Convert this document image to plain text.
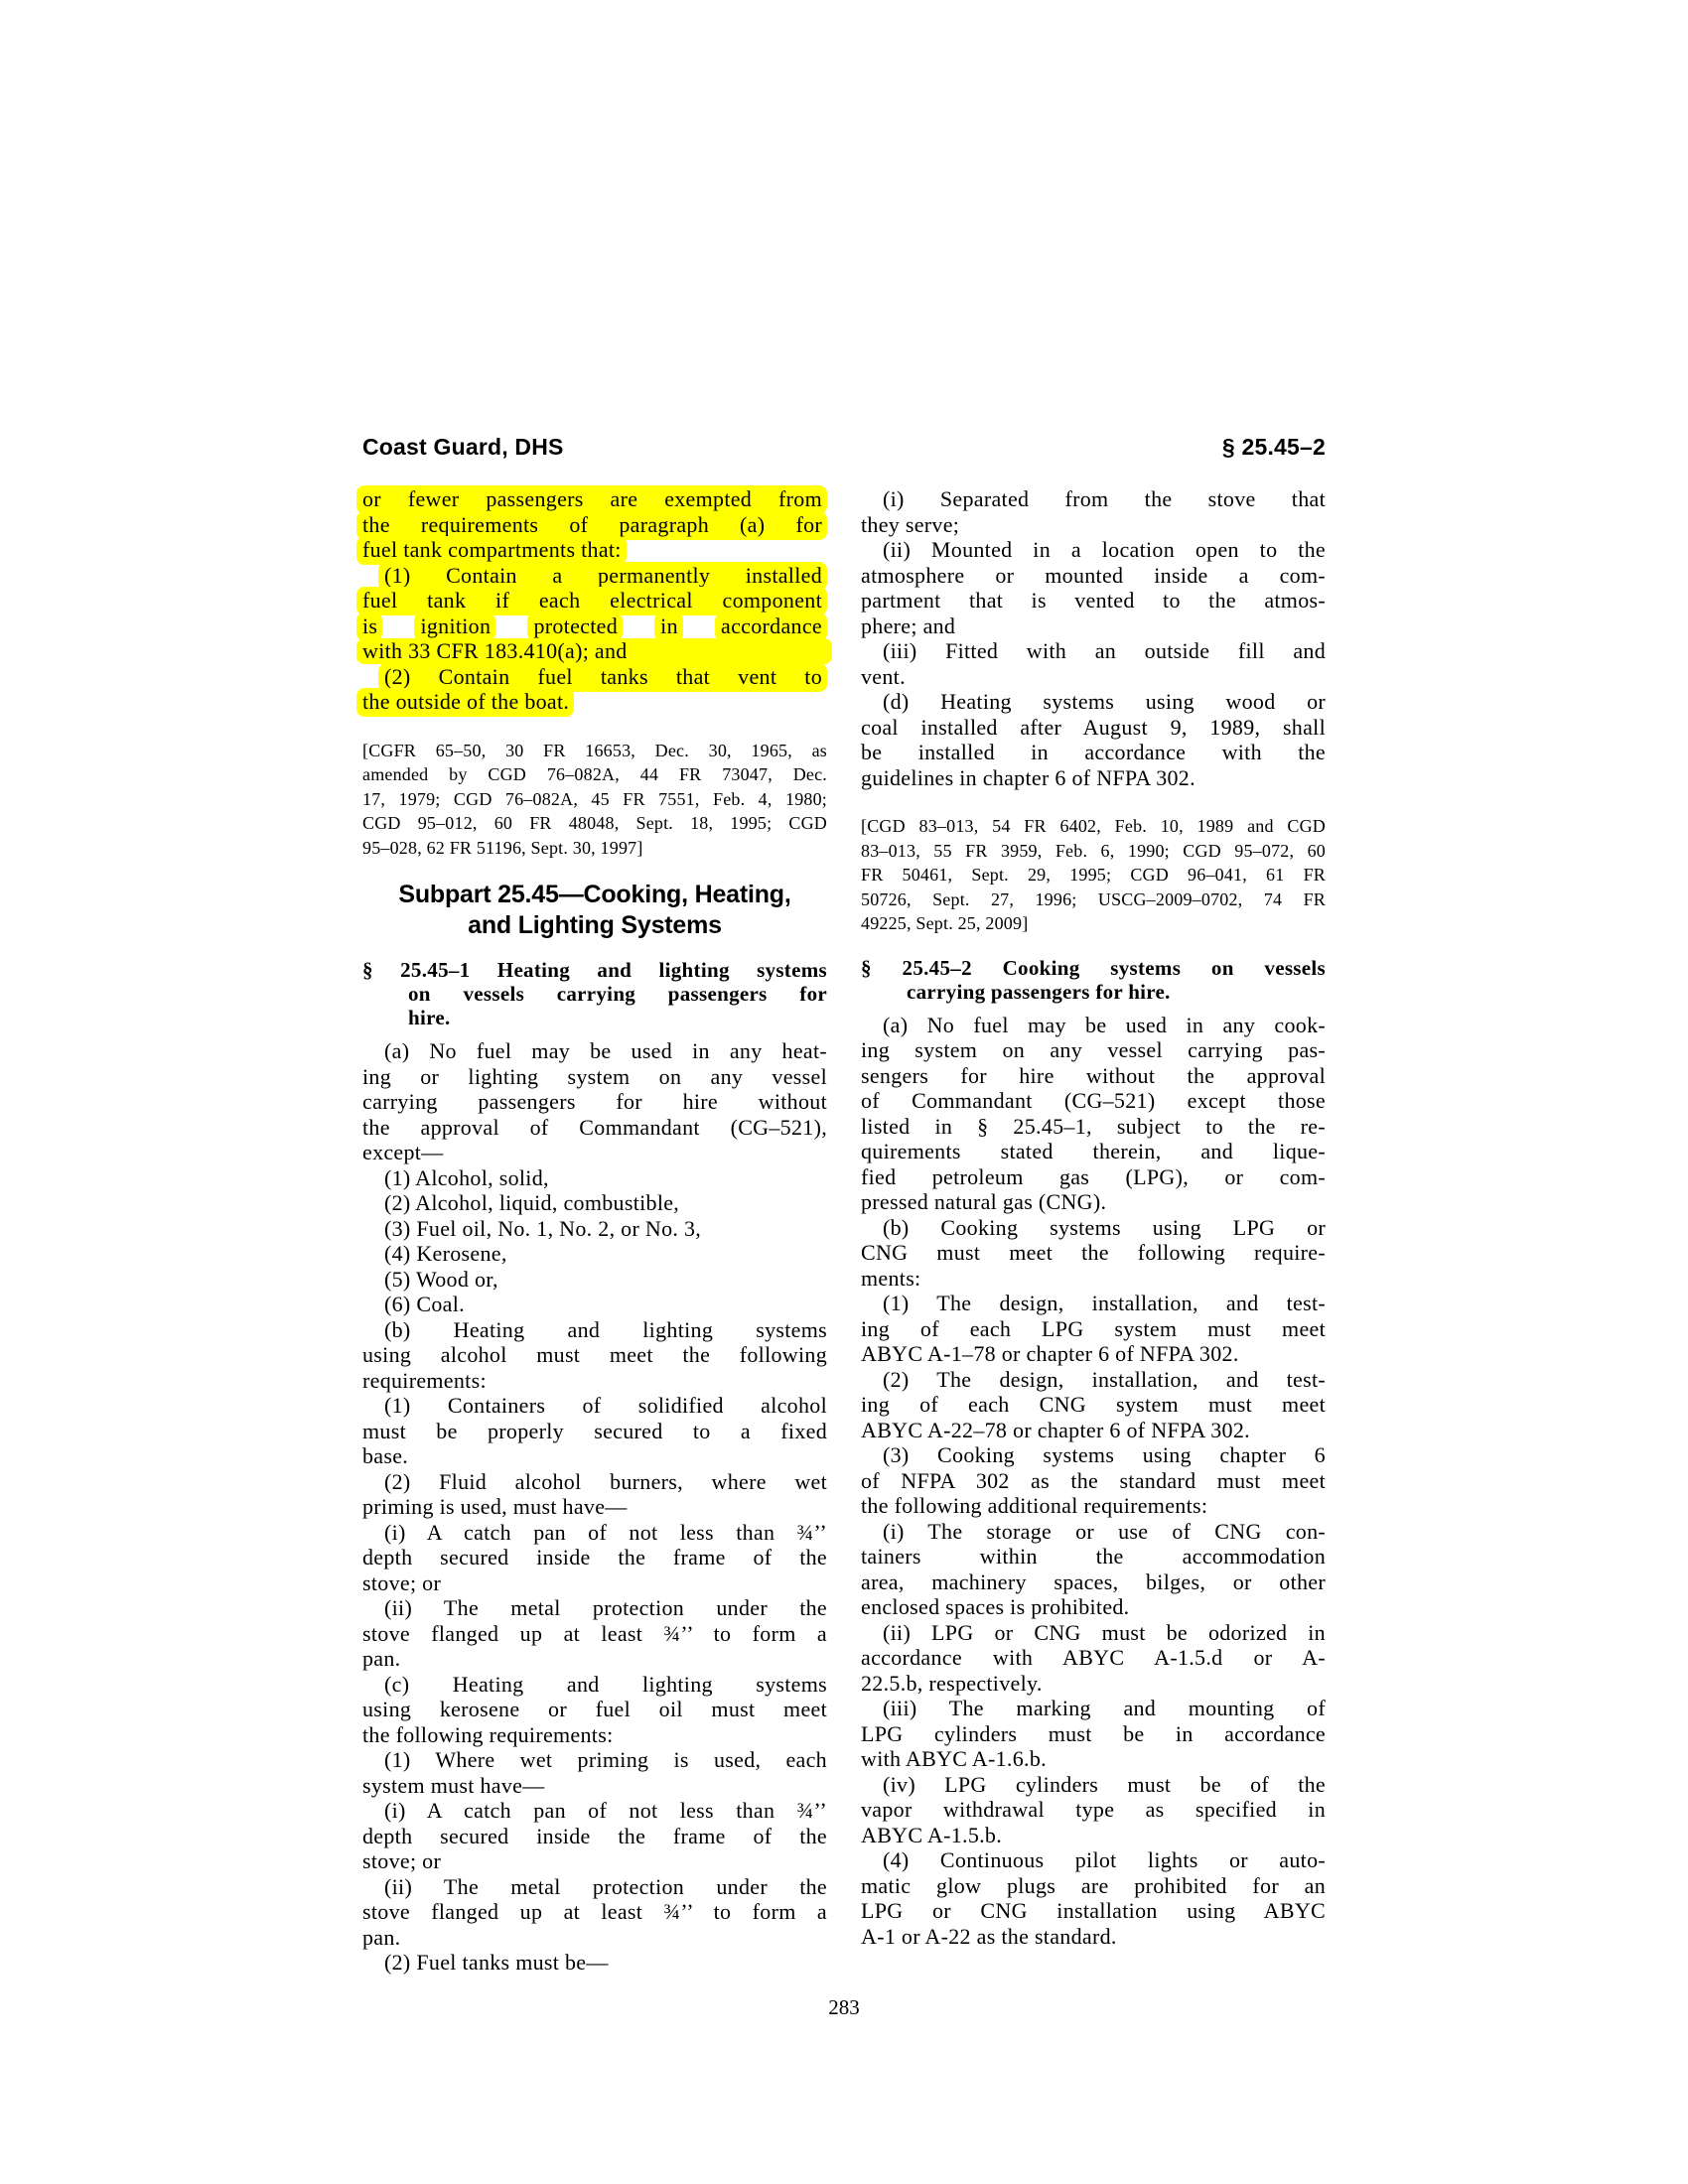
Coast Guard, DHS	§ 25.45–2
or fewer passengers are exempted from
the requirements of paragraph (a) for
fuel tank compartments that:
(1) Contain a permanently installed
fuel tank if each electrical component
is ignition protected in accordance
with 33 CFR 183.410(a); and
(2) Contain fuel tanks that vent to
the outside of the boat.
[CGFR 65–50, 30 FR 16653, Dec. 30, 1965, as
amended by CGD 76–082A, 44 FR 73047, Dec.
17, 1979; CGD 76–082A, 45 FR 7551, Feb. 4, 1980;
CGD 95–012, 60 FR 48048, Sept. 18, 1995; CGD
95–028, 62 FR 51196, Sept. 30, 1997]
Subpart 25.45—Cooking, Heating,
and Lighting Systems
§ 25.45–1 Heating and lighting systems
on vessels carrying passengers for
hire.
(a) No fuel may be used in any heat-
ing or lighting system on any vessel
carrying passengers for hire without
the approval of Commandant (CG–521),
except—
(1) Alcohol, solid,
(2) Alcohol, liquid, combustible,
(3) Fuel oil, No. 1, No. 2, or No. 3,
(4) Kerosene,
(5) Wood or,
(6) Coal.
(b) Heating and lighting systems
using alcohol must meet the following
requirements:
(1) Containers of solidified alcohol
must be properly secured to a fixed
base.
(2) Fluid alcohol burners, where wet
priming is used, must have—
(i) A catch pan of not less than ¾’’
depth secured inside the frame of the
stove; or
(ii) The metal protection under the
stove flanged up at least ¾’’ to form a
pan.
(c) Heating and lighting systems
using kerosene or fuel oil must meet
the following requirements:
(1) Where wet priming is used, each
system must have—
(i) A catch pan of not less than ¾’’
depth secured inside the frame of the
stove; or
(ii) The metal protection under the
stove flanged up at least ¾’’ to form a
pan.
(2) Fuel tanks must be—
(i) Separated from the stove that
they serve;
(ii) Mounted in a location open to the
atmosphere or mounted inside a com-
partment that is vented to the atmos-
phere; and
(iii) Fitted with an outside fill and
vent.
(d) Heating systems using wood or
coal installed after August 9, 1989, shall
be installed in accordance with the
guidelines in chapter 6 of NFPA 302.
[CGD 83–013, 54 FR 6402, Feb. 10, 1989 and CGD
83–013, 55 FR 3959, Feb. 6, 1990; CGD 95–072, 60
FR 50461, Sept. 29, 1995; CGD 96–041, 61 FR
50726, Sept. 27, 1996; USCG–2009–0702, 74 FR
49225, Sept. 25, 2009]
§ 25.45–2 Cooking systems on vessels
carrying passengers for hire.
(a) No fuel may be used in any cook-
ing system on any vessel carrying pas-
sengers for hire without the approval
of Commandant (CG–521) except those
listed in § 25.45–1, subject to the re-
quirements stated therein, and lique-
fied petroleum gas (LPG), or com-
pressed natural gas (CNG).
(b) Cooking systems using LPG or
CNG must meet the following require-
ments:
(1) The design, installation, and test-
ing of each LPG system must meet
ABYC A-1–78 or chapter 6 of NFPA 302.
(2) The design, installation, and test-
ing of each CNG system must meet
ABYC A-22–78 or chapter 6 of NFPA 302.
(3) Cooking systems using chapter 6
of NFPA 302 as the standard must meet
the following additional requirements:
(i) The storage or use of CNG con-
tainers within the accommodation
area, machinery spaces, bilges, or other
enclosed spaces is prohibited.
(ii) LPG or CNG must be odorized in
accordance with ABYC A-1.5.d or A-
22.5.b, respectively.
(iii) The marking and mounting of
LPG cylinders must be in accordance
with ABYC A-1.6.b.
(iv) LPG cylinders must be of the
vapor withdrawal type as specified in
ABYC A-1.5.b.
(4) Continuous pilot lights or auto-
matic glow plugs are prohibited for an
LPG or CNG installation using ABYC
A-1 or A-22 as the standard.
283
